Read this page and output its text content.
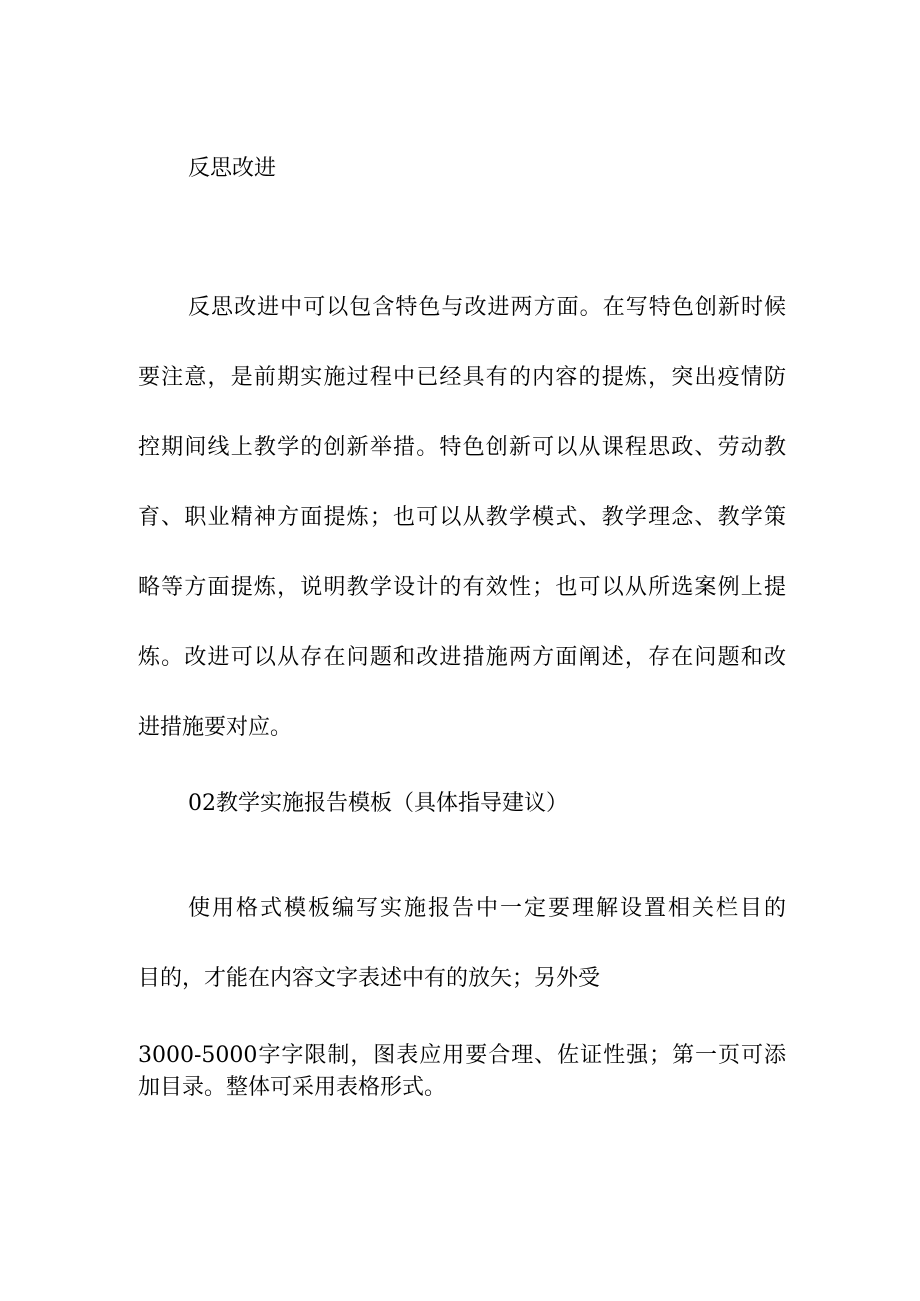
反思改进

反思改进中可以包含特色与改进两方面。在写特色创新时候

要注意，是前期实施过程中已经具有的内容的提炼，突出疫情防

控期间线上教学的创新举措。特色创新可以从课程思政、劳动教

育、职业精神方面提炼；也可以从教学模式、教学理念、教学策

略等方面提炼，说明教学设计的有效性；也可以从所选案例上提

炼。改进可以从存在问题和改进措施两方面阐述，存在问题和改

进措施要对应。

02教学实施报告模板（具体指导建议）

使用格式模板编写实施报告中一定要理解设置相关栏目的

目的，才能在内容文字表述中有的放矢；另外受

3000-5000字字限制，图表应用要合理、佐证性强；第一页可添

加目录。整体可采用表格形式。
